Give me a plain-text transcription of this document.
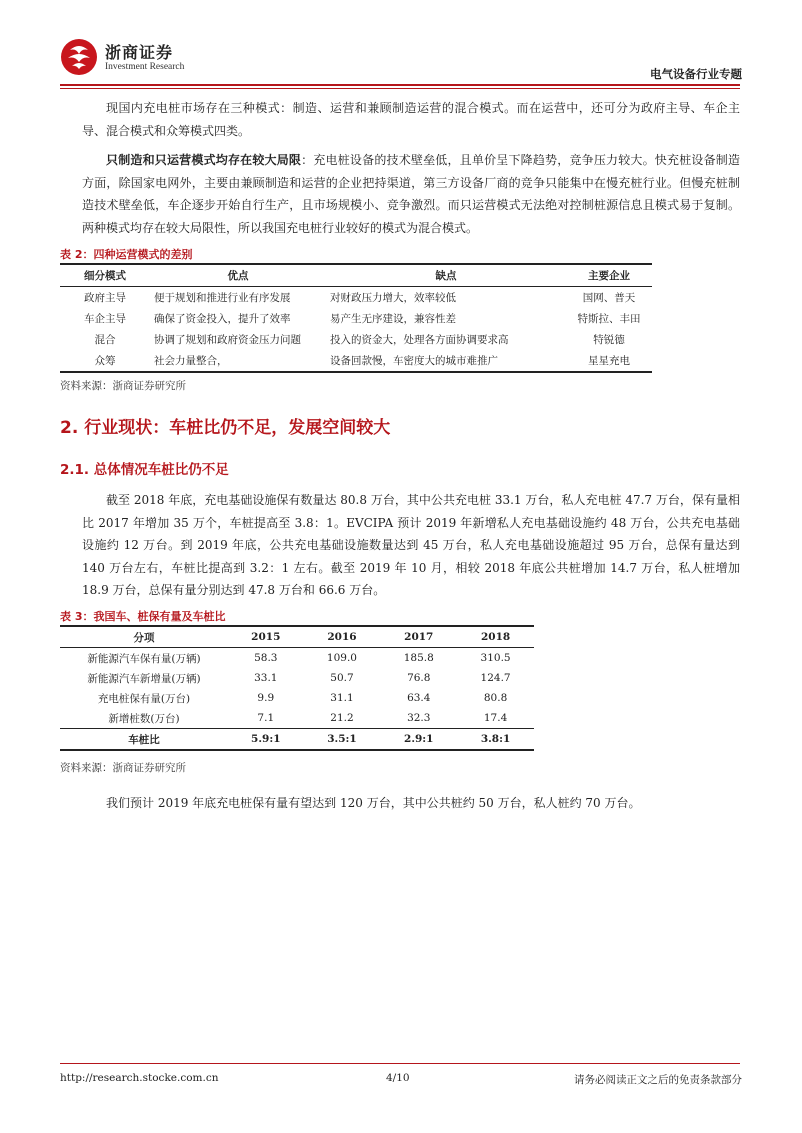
浙商证券
Investment Research	电气设备行业专题
现国内充电桩市场存在三种模式：制造、运营和兼顾制造运营的混合模式。而在运营中，还可分为政府主导、车企主导、混合模式和众筹模式四类。
只制造和只运营模式均存在较大局限：充电桩设备的技术壁垒低，且单价呈下降趋势，竞争压力较大。快充桩设备制造方面，除国家电网外，主要由兼顾制造和运营的企业把持渠道，第三方设备厂商的竞争只能集中在慢充桩行业。但慢充桩制造技术壁垒低，车企逐步开始自行生产，且市场规模小、竞争激烈。而只运营模式无法绝对控制桩源信息且模式易于复制。两种模式均存在较大局限性，所以我国充电桩行业较好的模式为混合模式。
表 2：四种运营模式的差别
细分模式	优点	缺点	主要企业
政府主导	便于规划和推进行业有序发展	对财政压力增大，效率较低	国网、普天
车企主导	确保了资金投入，提升了效率	易产生无序建设，兼容性差	特斯拉、丰田
混合	协调了规划和政府资金压力问题	投入的资金大，处理各方面协调要求高	特锐德
众筹	社会力量整合，	设备回款慢，车密度大的城市难推广	星星充电
资料来源：浙商证券研究所
2. 行业现状：车桩比仍不足，发展空间较大
2.1. 总体情况车桩比仍不足
截至 2018 年底，充电基础设施保有数量达 80.8 万台，其中公共充电桩 33.1 万台，私人充电桩 47.7 万台，保有量相比 2017 年增加 35 万个，车桩提高至 3.8：1。EVCIPA 预计 2019 年新增私人充电基础设施约 48 万台，公共充电基础设施约 12 万台。到 2019 年底，公共充电基础设施数量达到 45 万台，私人充电基础设施超过 95 万台，总保有量达到 140 万台左右，车桩比提高到 3.2：1 左右。截至 2019 年 10 月，相较 2018 年底公共桩增加 14.7 万台，私人桩增加 18.9 万台，总保有量分别达到 47.8 万台和 66.6 万台。
表 3：我国车、桩保有量及车桩比
分项	2015	2016	2017	2018
新能源汽车保有量(万辆)	58.3	109.0	185.8	310.5
新能源汽车新增量(万辆)	33.1	50.7	76.8	124.7
充电桩保有量(万台)	9.9	31.1	63.4	80.8
新增桩数(万台)	7.1	21.2	32.3	17.4
车桩比	5.9:1	3.5:1	2.9:1	3.8:1
资料来源：浙商证券研究所
我们预计 2019 年底充电桩保有量有望达到 120 万台，其中公共桩约 50 万台，私人桩约 70 万台。
http://research.stocke.com.cn	4/10	请务必阅读正文之后的免责条款部分
